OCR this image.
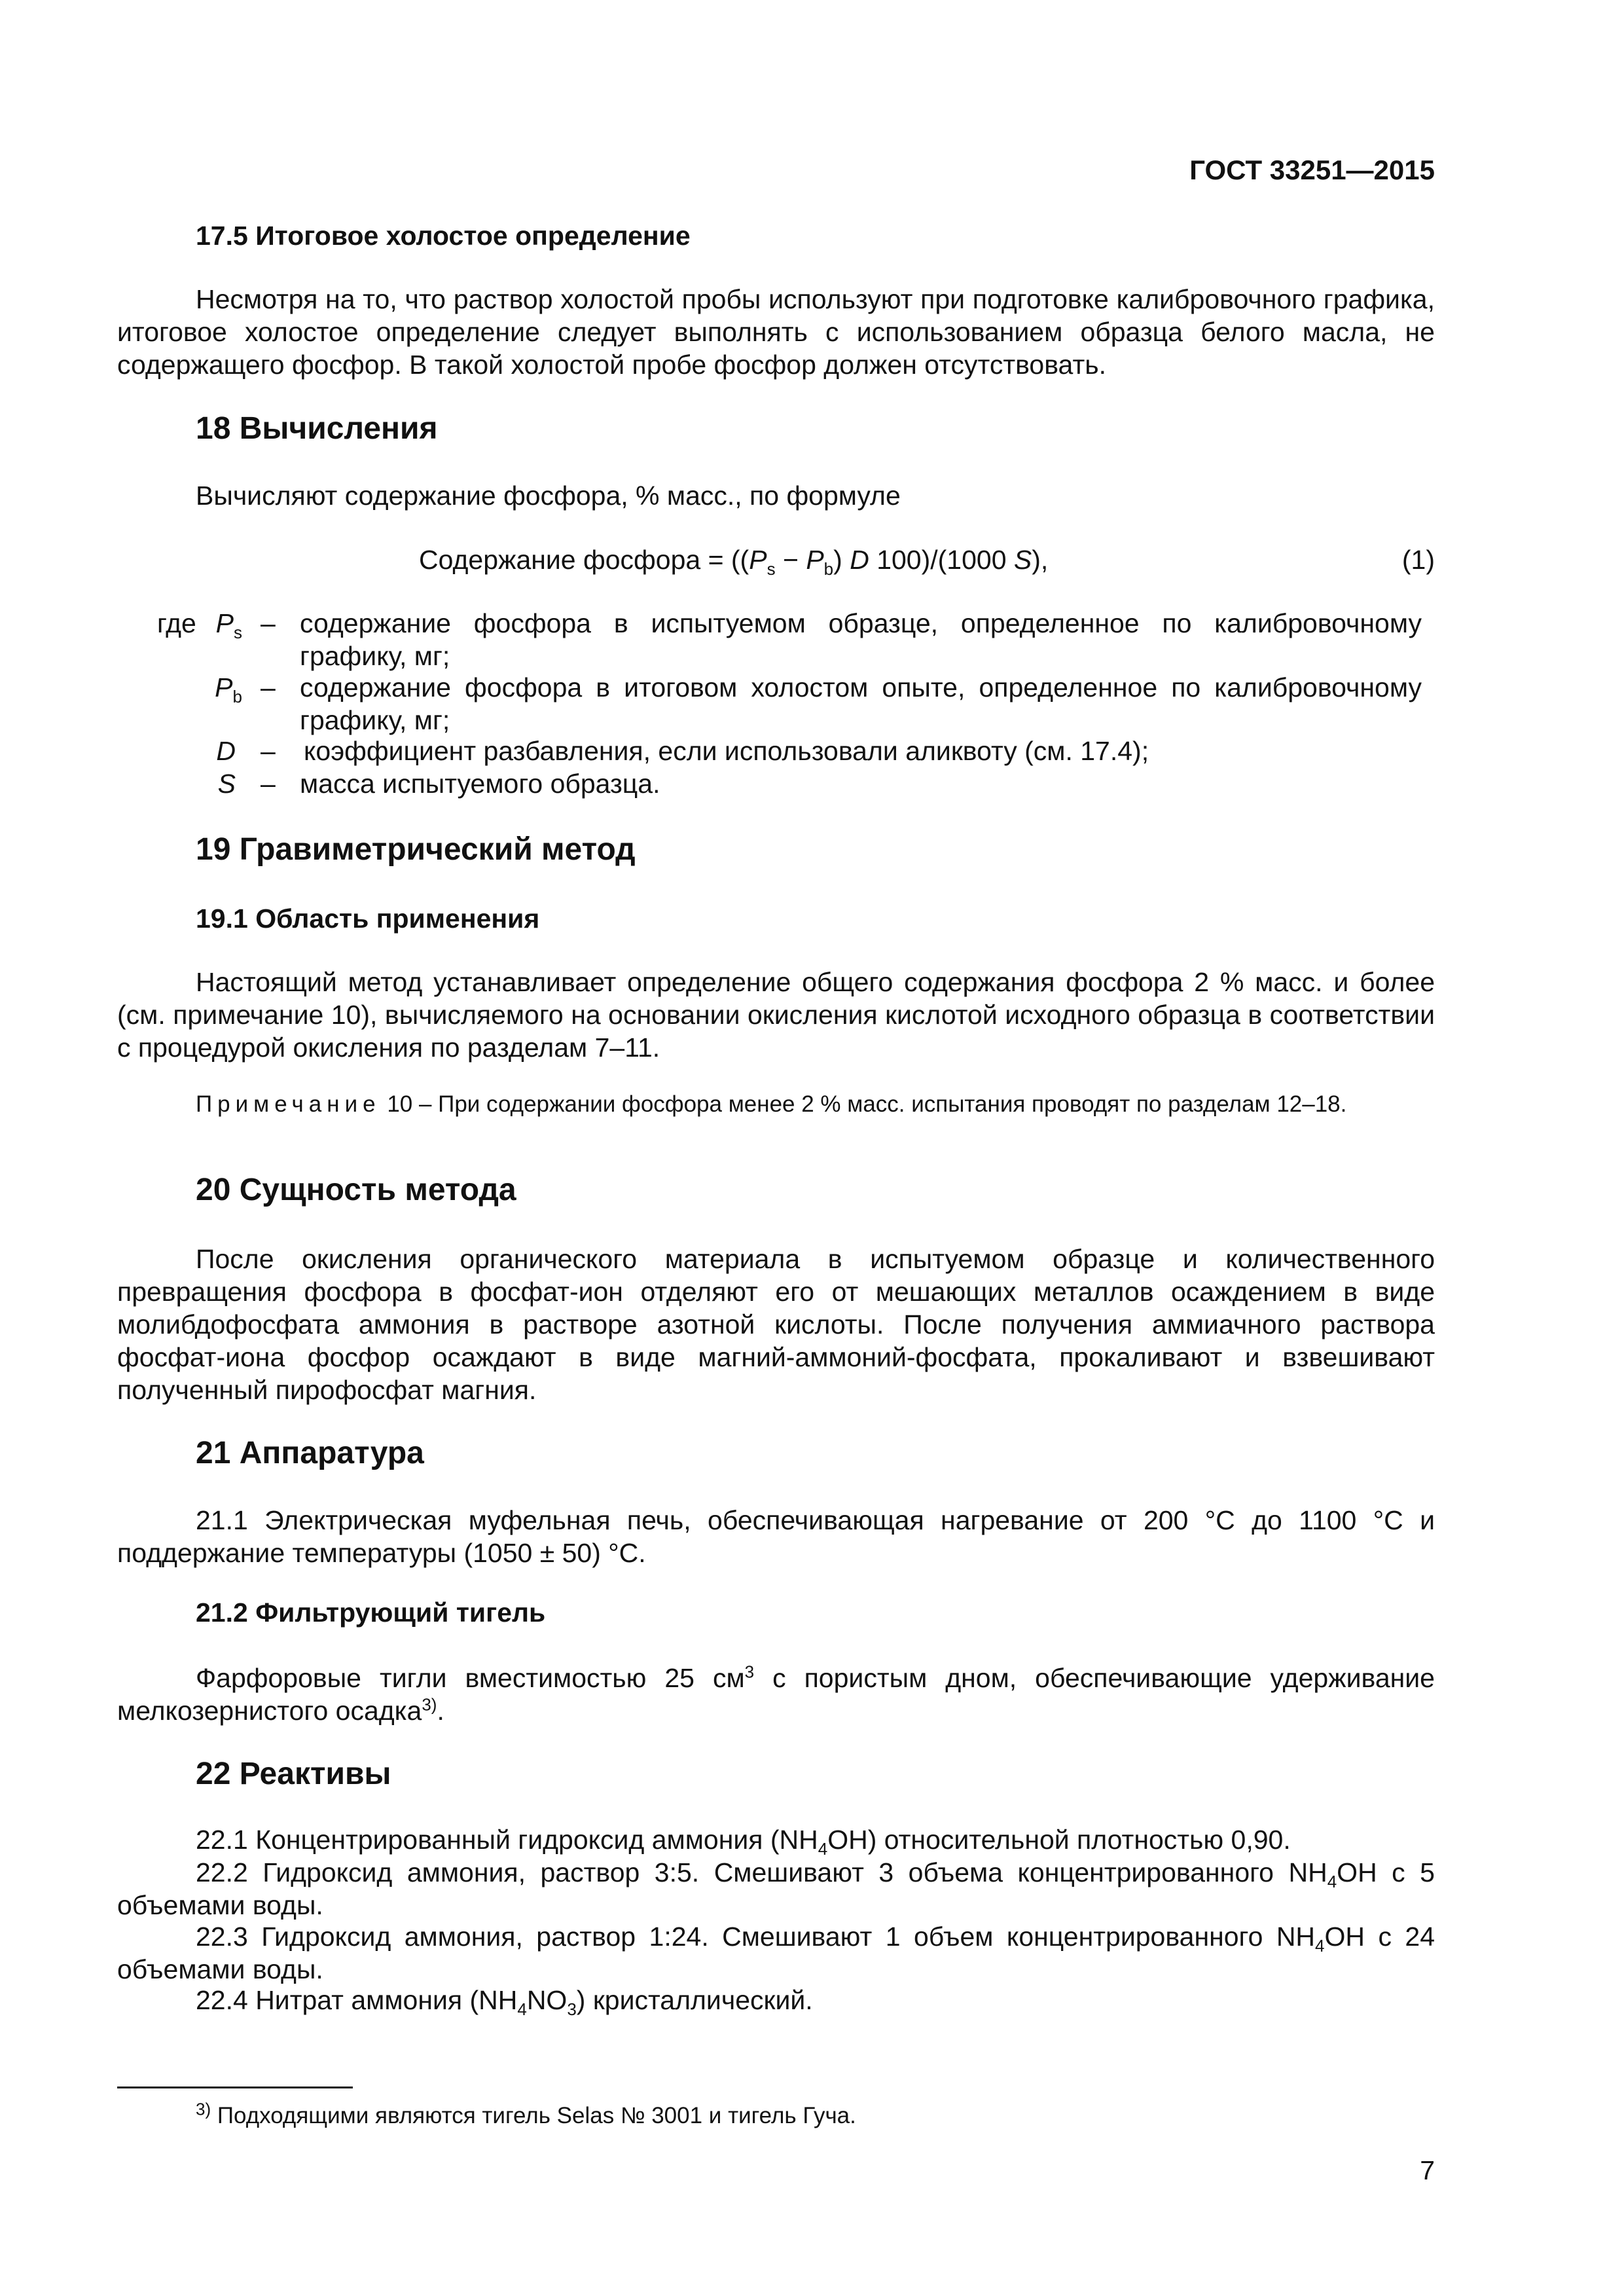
ГОСТ 33251—2015
17.5 Итоговое холостое определение

Несмотря на то, что раствор холостой пробы используют при подготовке калибровочного графика, итоговое холостое определение следует выполнять с использованием образца белого масла, не содержащего фосфор. В такой холостой пробе фосфор должен отсутствовать.

18 Вычисления

Вычисляют содержание фосфора, % масс., по формуле

Содержание фосфора = ($(P_s - P_b)$ D 100)/(1000 S),	(1)
где $P_s$ – содержание фосфора в испытуемом образце, определенное по калибровочному графику, мг;

$P_b$ – содержание фосфора в итоговом холостом опыте, определенное по калибровочному графику, мг;

D – коэффициент разбавления, если использовали аликвоту (см. 17.4);

S – масса испытуемого образца.

19 Гравиметрический метод
19.1 Область применения

Настоящий метод устанавливает определение общего содержания фосфора 2 % масс. и более (см. примечание 10), вычисляемого на основании окисления кислотой исходного образца в соответствии с процедурой окисления по разделам 7–11.

Примечание 10 – При содержании фосфора менее 2 % масс. испытания проводят по разделам 12–18.

20 Сущность метода

После окисления органического материала в испытуемом образце и количественного превращения фосфора в фосфат-ион отделяют его от мешающих металлов осаждением в виде молибдофосфата аммония в растворе азотной кислоты. После получения аммиачного раствора фосфат-иона фосфор осаждают в виде магний-аммоний-фосфата, прокаливают и взвешивают полученный пирофосфат магния.

21 Аппаратура

21.1 Электрическая муфельная печь, обеспечивающая нагревание от 200 °С до 1100 °С и поддержание температуры (1050 ± 50) °С.

21.2 Фильтрующий тигель

Фарфоровые тигли вместимостью 25 $см^3$ с пористым дном, обеспечивающие удерживание мелкозернистого осадка$^{3)}$.

22 Реактивы

22.1 Концентрированный гидроксид аммония $(NH_4OH)$ относительной плотностью 0,90.

22.2 Гидроксид аммония, раствор 3:5. Смешивают 3 объема концентрированного $NH_4OH$ с 5 объемами воды.

22.3 Гидроксид аммония, раствор 1:24. Смешивают 1 объем концентрированного $NH_4OH$ с 24 объемами воды.

22.4 Нитрат аммония $(NH_4NO_3)$ кристаллический.

$^{3)}$ Подходящими являются тигель Selas № 3001 и тигель Гуча.

7
